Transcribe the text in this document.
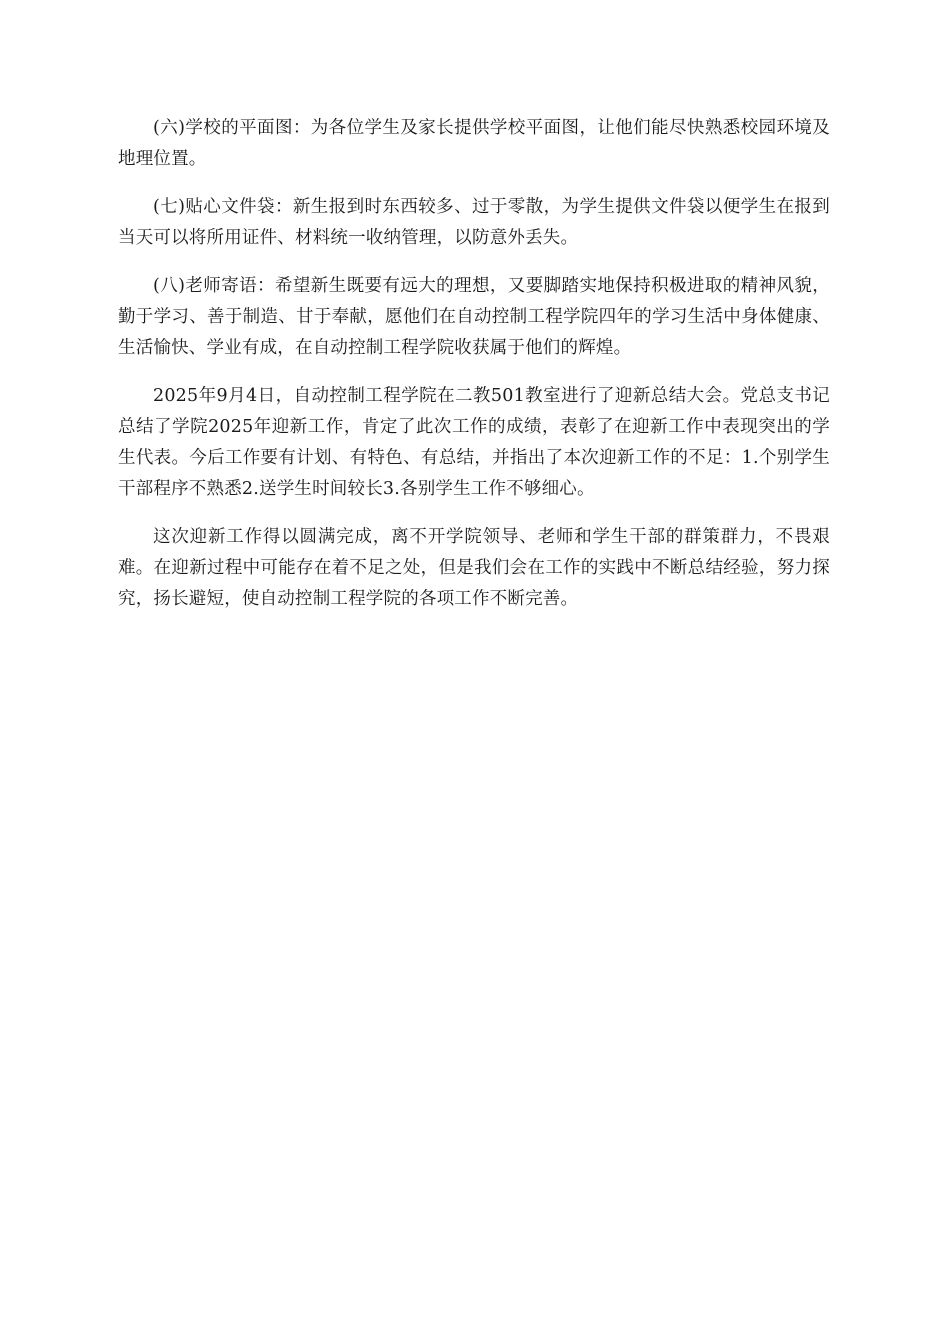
(六)学校的平面图：为各位学生及家长提供学校平面图，让他们能尽快熟悉校园环境及地理位置。

(七)贴心文件袋：新生报到时东西较多、过于零散，为学生提供文件袋以便学生在报到当天可以将所用证件、材料统一收纳管理，以防意外丢失。

(八)老师寄语：希望新生既要有远大的理想，又要脚踏实地保持积极进取的精神风貌，勤于学习、善于制造、甘于奉献，愿他们在自动控制工程学院四年的学习生活中身体健康、生活愉快、学业有成，在自动控制工程学院收获属于他们的辉煌。

2025年9月4日，自动控制工程学院在二教501教室进行了迎新总结大会。党总支书记总结了学院2025年迎新工作，肯定了此次工作的成绩，表彰了在迎新工作中表现突出的学生代表。今后工作要有计划、有特色、有总结，并指出了本次迎新工作的不足：1.个别学生干部程序不熟悉2.送学生时间较长3.各别学生工作不够细心。

这次迎新工作得以圆满完成，离不开学院领导、老师和学生干部的群策群力，不畏艰难。在迎新过程中可能存在着不足之处，但是我们会在工作的实践中不断总结经验，努力探究，扬长避短，使自动控制工程学院的各项工作不断完善。
